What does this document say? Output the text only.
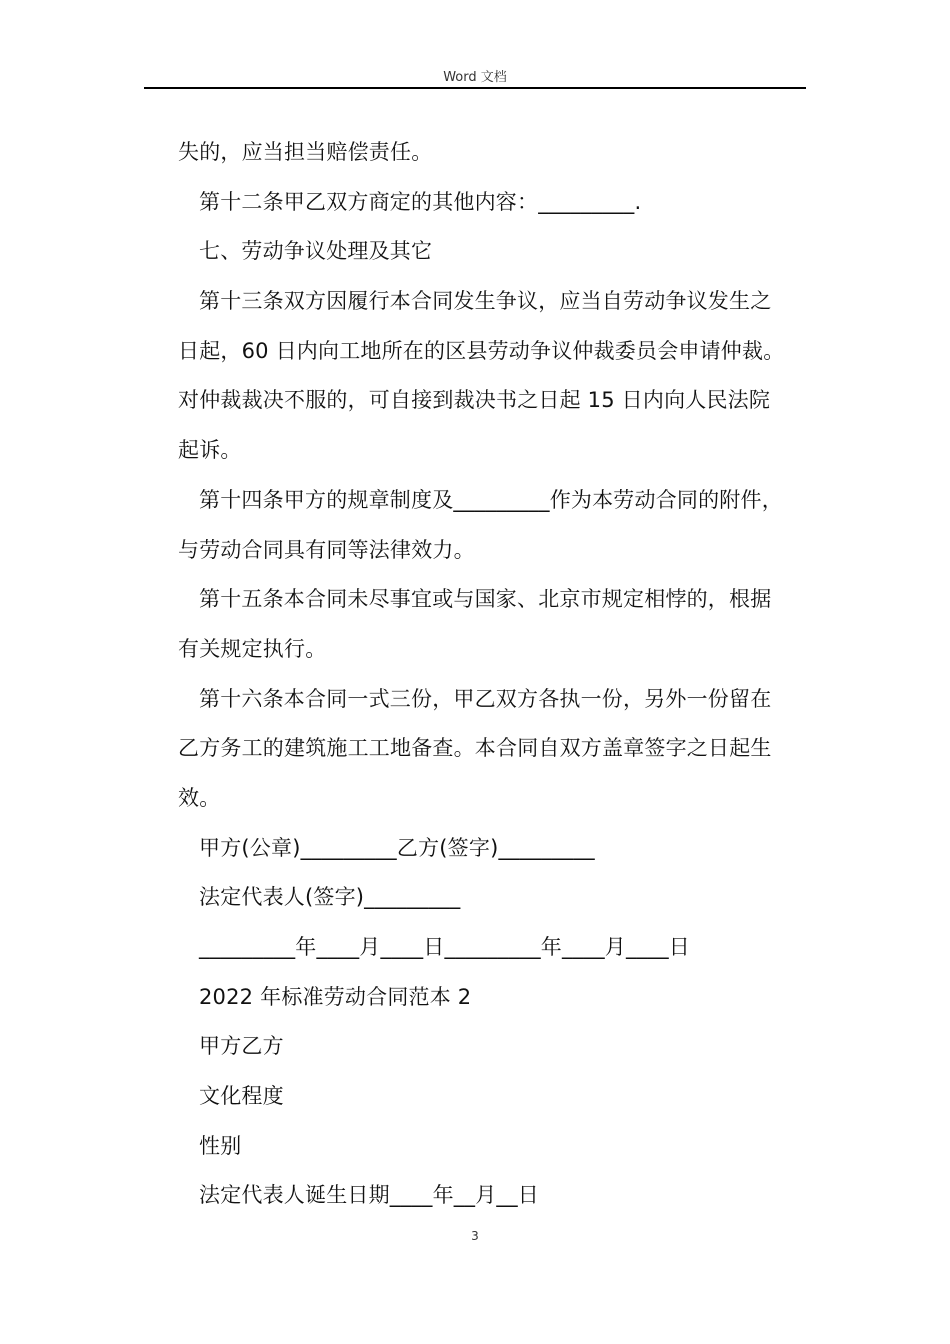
Word 文档
失的，应当担当赔偿责任。
第十二条甲乙双方商定的其他内容：_________.
七、劳动争议处理及其它
第十三条双方因履行本合同发生争议，应当自劳动争议发生之
日起，60 日内向工地所在的区县劳动争议仲裁委员会申请仲裁。
对仲裁裁决不服的，可自接到裁决书之日起 15 日内向人民法院
起诉。
第十四条甲方的规章制度及_________作为本劳动合同的附件，
与劳动合同具有同等法律效力。
第十五条本合同未尽事宜或与国家、北京市规定相悖的，根据
有关规定执行。
第十六条本合同一式三份，甲乙双方各执一份，另外一份留在
乙方务工的建筑施工工地备查。本合同自双方盖章签字之日起生
效。
甲方(公章)_________乙方(签字)_________
法定代表人(签字)_________
_________年____月____日_________年____月____日
2022 年标准劳动合同范本 2
甲方乙方
文化程度
性别
法定代表人诞生日期____年__月__日
3
